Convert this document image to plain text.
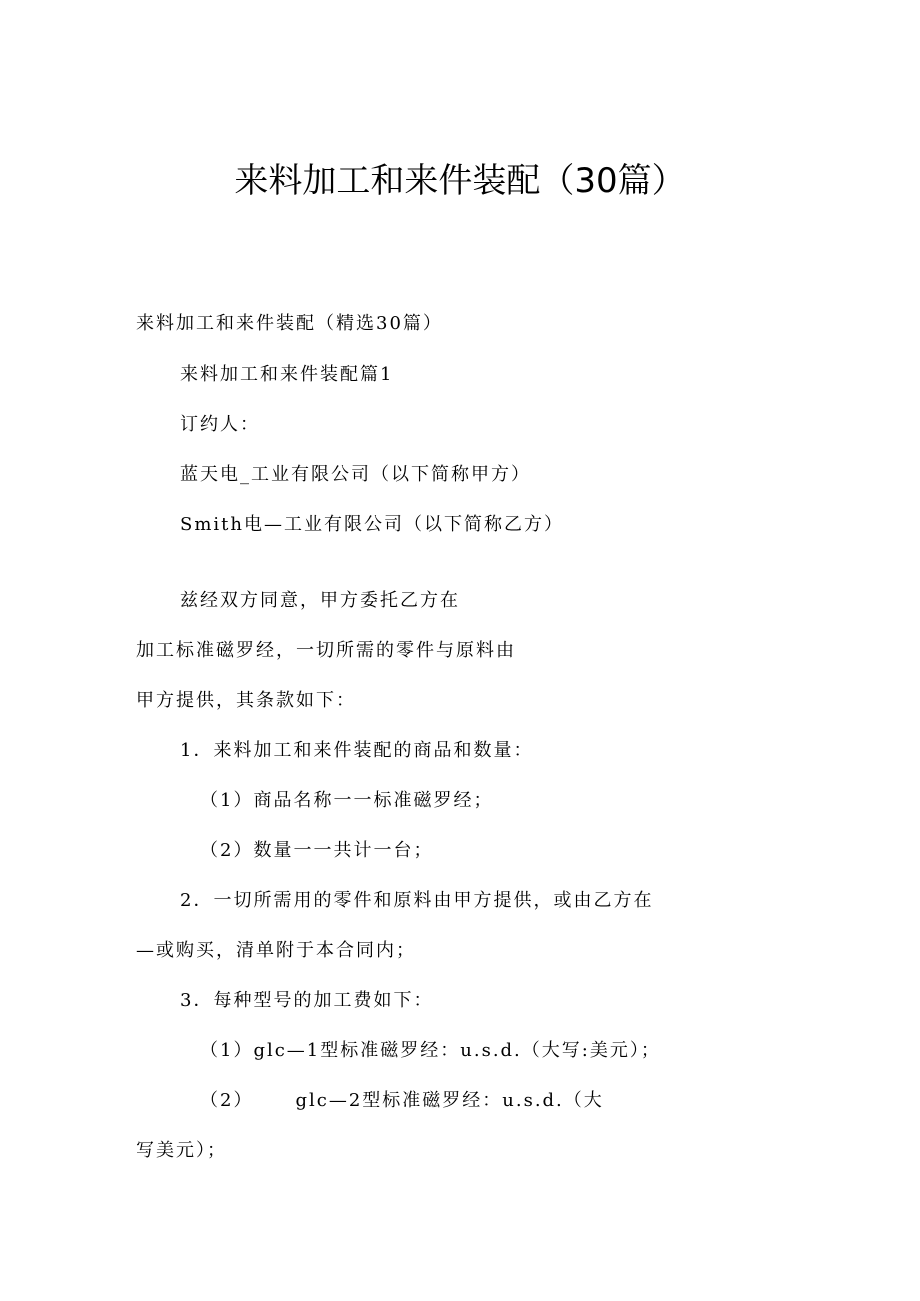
来料加工和来件装配（30篇）
来料加工和来件装配（精选30篇）
来料加工和来件装配篇1
订约人：
蓝天电_工业有限公司（以下简称甲方）
Smith电—工业有限公司（以下简称乙方）
兹经双方同意，甲方委托乙方在
加工标准磁罗经，一切所需的零件与原料由
甲方提供，其条款如下：
1．来料加工和来件装配的商品和数量：
（1）商品名称一一标准磁罗经；
（2）数量一一共计一台；
2．一切所需用的零件和原料由甲方提供，或由乙方在
—或购买，清单附于本合同内；
3．每种型号的加工费如下：
（1）glc—1型标准磁罗经：u.s.d.（大写:美元）；
（2） glc—2型标准磁罗经：u.s.d.（大
写美元）；
